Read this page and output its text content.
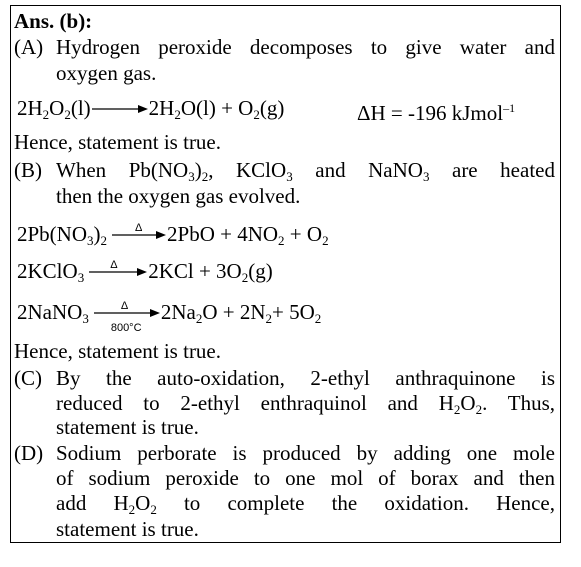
Ans. (b):
(A) Hydrogen peroxide decomposes to give water and
oxygen gas.
$2H_2O_2(l)\to 2H_2O(l) + O_2(g)$	ΔH = -196 kJmol$^{-1}$
Hence, statement is true.
(B) When $Pb(NO_3)_2$, KClO$_3$ and NaNO$_3$ are heated
then the oxygen gas evolved.
$2Pb(NO_3)_2$
Δ $2PbO + 4NO_2 + O_2$
2KClO$_3$
Δ $2KCl + 3O_2(g)$
2NaNO$_3$
Δ
800°C
$2Na_2O + 2N_2+ 5O_2$
Hence, statement is true.
(C) By the auto-oxidation, 2-ethyl anthraquinone is
reduced to 2-ethyl enthraquinol and $H_2O_2$. Thus,
statement is true.
(D) Sodium perborate is produced by adding one mole
of sodium peroxide to one mol of borax and then
add $H_2O_2$ to complete the oxidation. Hence,
statement is true.
